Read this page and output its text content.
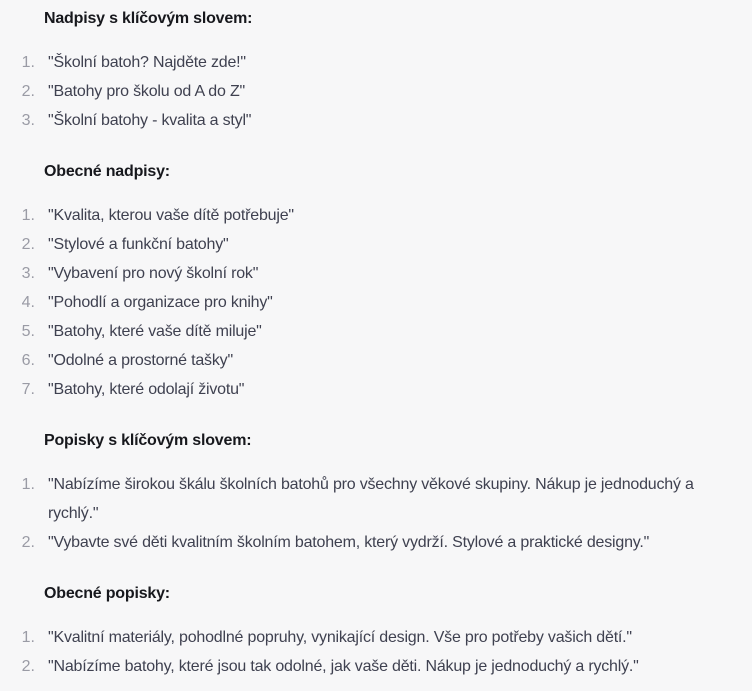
Nadpisy s klíčovým slovem:

"Školní batoh? Najděte zde!"
"Batohy pro školu od A do Z"
"Školní batohy - kvalita a styl"

Obecné nadpisy:

"Kvalita, kterou vaše dítě potřebuje"
"Stylové a funkční batohy"
"Vybavení pro nový školní rok"
"Pohodlí a organizace pro knihy"
"Batohy, které vaše dítě miluje"
"Odolné a prostorné tašky"
"Batohy, které odolají životu"

Popisky s klíčovým slovem:

"Nabízíme širokou škálu školních batohů pro všechny věkové skupiny. Nákup je jednoduchý a rychlý."
"Vybavte své děti kvalitním školním batohem, který vydrží. Stylové a praktické designy."

Obecné popisky:

"Kvalitní materiály, pohodlné popruhy, vynikající design. Vše pro potřeby vašich dětí."
"Nabízíme batohy, které jsou tak odolné, jak vaše děti. Nákup je jednoduchý a rychlý."
